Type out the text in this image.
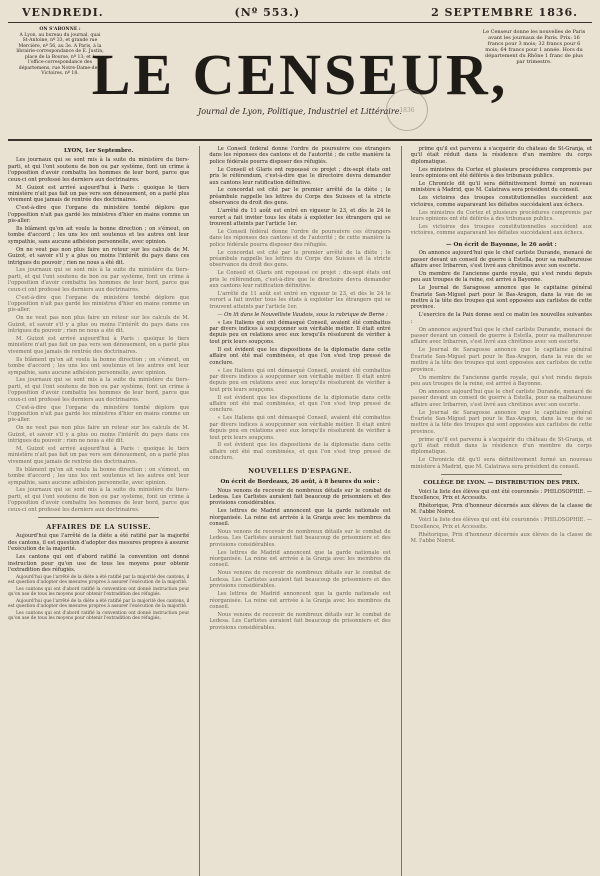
VENDREDI.	(Nº 553.)	2 SEPTEMBRE 1836.
ON S'ABONNE :
A Lyon, au bureau du journal, quai St-Antoine, nº 33, et grande rue Mercière, nº 56, au 3e. A Paris, à la librairie-correspondance de E. Justin, place de la Bourse, nº 13; et à l'office-correspondance des départemens, rue Notre-Dame-des-Victoires, nº 18. LE CENSEUR,
1836
Journal de Lyon, Politique, Industriel et Littéraire.
Le Censeur donne les nouvelles de Paris avant les journaux de Paris. Prix: 16 francs pour 3 mois; 32 francs pour 6 mois; 64 francs pour 1 année. Hors du département du Rhône 1 franc de plus par trimestre.
LYON, 1er Septembre.

Les journaux qui se sont mis à la suite du ministère du tiers-parti, et qui l'ont soutenu de bon ou par système, font un crime à l'opposition d'avoir combattu les hommes de leur bord, parce que ceux-ci ont professé les derniers aux doctrinaires.

M. Guizot est arrivé aujourd'hui à Paris : quoique le tiers ministère n'ait pas fait un pas vers son dénouement, on a parlé plus vivement que jamais de rentrée des doctrinaires.

C'est-à-dire que l'organe du ministère tombé déplore que l'opposition n'ait pas gardé les ministres d'hier en mains comme un pis-aller.

Ils blâment qu'on ait voulu la bonne direction ; on s'émeut, on tombe d'accord ; les uns les ont soutenus et les autres ont leur sympathie, sans aucune adhésion personnelle, avec opinion.

On ne veut pas non plus faire un retour sur les calculs de M. Guizot, et savoir s'il y a plus ou moins l'intérêt du pays dans ces intrigues du pouvoir ; rien ne nous a été dit.

Les journaux qui se sont mis à la suite du ministère du tiers-parti, et qui l'ont soutenu de bon ou par système, font un crime à l'opposition d'avoir combattu les hommes de leur bord, parce que ceux-ci ont professé les derniers aux doctrinaires.

C'est-à-dire que l'organe du ministère tombé déplore que l'opposition n'ait pas gardé les ministres d'hier en mains comme un pis-aller.

On ne veut pas non plus faire un retour sur les calculs de M. Guizot, et savoir s'il y a plus ou moins l'intérêt du pays dans ces intrigues du pouvoir ; rien ne nous a été dit.

M. Guizot est arrivé aujourd'hui à Paris : quoique le tiers ministère n'ait pas fait un pas vers son dénouement, on a parlé plus vivement que jamais de rentrée des doctrinaires.

Ils blâment qu'on ait voulu la bonne direction ; on s'émeut, on tombe d'accord ; les uns les ont soutenus et les autres ont leur sympathie, sans aucune adhésion personnelle, avec opinion.

Les journaux qui se sont mis à la suite du ministère du tiers-parti, et qui l'ont soutenu de bon ou par système, font un crime à l'opposition d'avoir combattu les hommes de leur bord, parce que ceux-ci ont professé les derniers aux doctrinaires.

C'est-à-dire que l'organe du ministère tombé déplore que l'opposition n'ait pas gardé les ministres d'hier en mains comme un pis-aller.

On ne veut pas non plus faire un retour sur les calculs de M. Guizot, et savoir s'il y a plus ou moins l'intérêt du pays dans ces intrigues du pouvoir ; rien ne nous a été dit.

M. Guizot est arrivé aujourd'hui à Paris : quoique le tiers ministère n'ait pas fait un pas vers son dénouement, on a parlé plus vivement que jamais de rentrée des doctrinaires.

Ils blâment qu'on ait voulu la bonne direction ; on s'émeut, on tombe d'accord ; les uns les ont soutenus et les autres ont leur sympathie, sans aucune adhésion personnelle, avec opinion.

Les journaux qui se sont mis à la suite du ministère du tiers-parti, et qui l'ont soutenu de bon ou par système, font un crime à l'opposition d'avoir combattu les hommes de leur bord, parce que ceux-ci ont professé les derniers aux doctrinaires.

AFFAIRES DE LA SUISSE.

Aujourd'hui que l'arrêté de la diète a été ratifié par la majorité des cantons, il est question d'adopter des mesures propres à assurer l'exécution de la majorité.

Les cantons qui ont d'abord ratifié la convention ont donné instruction pour qu'on use de tous les moyens pour obtenir l'extradition des réfugiés.

Aujourd'hui que l'arrêté de la diète a été ratifié par la majorité des cantons, il est question d'adopter des mesures propres à assurer l'exécution de la majorité.

Les cantons qui ont d'abord ratifié la convention ont donné instruction pour qu'on use de tous les moyens pour obtenir l'extradition des réfugiés.

Aujourd'hui que l'arrêté de la diète a été ratifié par la majorité des cantons, il est question d'adopter des mesures propres à assurer l'exécution de la majorité.

Les cantons qui ont d'abord ratifié la convention ont donné instruction pour qu'on use de tous les moyens pour obtenir l'extradition des réfugiés.

Le Conseil fédéral donne l'ordre de poursuivre ces étrangers dans les réponses des cantons et de l'autorité ; de cette manière la police fédérale pourra disposer des réfugiés.

Le Conseil et Glaris ont repoussé ce projet ; dix-sept états ont pris le référendum, c'est-à-dire que le directoire devra demander aux cantons leur ratification définitive.

Le concordat est cité par le premier arrêté de la diète ; le préambule rappelle les lettres du Corps des Suisses et la stricte observance du droit des gens.

L'arrêté du 11 août est entré en vigueur le 23, et dès le 24 le vorort a fait inviter tous les états à exploiter les étrangers qui se trouvent atteints par l'article 1er.

Le Conseil fédéral donne l'ordre de poursuivre ces étrangers dans les réponses des cantons et de l'autorité ; de cette manière la police fédérale pourra disposer des réfugiés.

Le concordat est cité par le premier arrêté de la diète ; le préambule rappelle les lettres du Corps des Suisses et la stricte observance du droit des gens.

Le Conseil et Glaris ont repoussé ce projet ; dix-sept états ont pris le référendum, c'est-à-dire que le directoire devra demander aux cantons leur ratification définitive.

L'arrêté du 11 août est entré en vigueur le 23, et dès le 24 le vorort a fait inviter tous les états à exploiter les étrangers qui se trouvent atteints par l'article 1er.

— On lit dans le Nouvelliste Vaudois, sous la rubrique de Berne :

« Les Italiens qui ont démasqué Conseil, avaient été combattus par divers indices à soupçonner son véritable métier. Il était entré depuis peu en relations avec eux lorsqu'ils résolurent de vérifier à tout prix leurs soupçons.

Il est évident que les dispositions de la diplomatie dans cette affaire ont été mal combinées, et que l'on s'est trop pressé de conclure.

« Les Italiens qui ont démasqué Conseil, avaient été combattus par divers indices à soupçonner son véritable métier. Il était entré depuis peu en relations avec eux lorsqu'ils résolurent de vérifier à tout prix leurs soupçons.

Il est évident que les dispositions de la diplomatie dans cette affaire ont été mal combinées, et que l'on s'est trop pressé de conclure.

« Les Italiens qui ont démasqué Conseil, avaient été combattus par divers indices à soupçonner son véritable métier. Il était entré depuis peu en relations avec eux lorsqu'ils résolurent de vérifier à tout prix leurs soupçons.

Il est évident que les dispositions de la diplomatie dans cette affaire ont été mal combinées, et que l'on s'est trop pressé de conclure.

NOUVELLES D'ESPAGNE.
On écrit de Bordeaux, 26 août, à 8 heures du soir :

Nous venons de recevoir de nombreux détails sur le combat de Ledesa. Les Carlistes auraient fait beaucoup de prisonniers et des provisions considérables.

Les lettres de Madrid annoncent que la garde nationale est réorganisée. La reine est arrivée à la Granja avec les membres du conseil.

Nous venons de recevoir de nombreux détails sur le combat de Ledesa. Les Carlistes auraient fait beaucoup de prisonniers et des provisions considérables.

Les lettres de Madrid annoncent que la garde nationale est réorganisée. La reine est arrivée à la Granja avec les membres du conseil.

Nous venons de recevoir de nombreux détails sur le combat de Ledesa. Les Carlistes auraient fait beaucoup de prisonniers et des provisions considérables.

Les lettres de Madrid annoncent que la garde nationale est réorganisée. La reine est arrivée à la Granja avec les membres du conseil.

Nous venons de recevoir de nombreux détails sur le combat de Ledesa. Les Carlistes auraient fait beaucoup de prisonniers et des provisions considérables.

prime qu'il est parvenu à s'acquérir du château de St-Granja, et qu'il était réduit dans la résidence d'un membre du corps diplomatique.

Les ministres du Cortez et plusieurs procédures compromis par leurs opinions ont été déférés à des tribunaux publics.

Le Chronicle dit qu'il sera définitivement formé un nouveau ministère à Madrid, que M. Calatrava sera président du conseil.

Les victoires des troupes constitutionnelles succèdent aux victoires, comme auparavant les défaites succédaient aux échecs.

Les ministres du Cortez et plusieurs procédures compromis par leurs opinions ont été déférés à des tribunaux publics.

Les victoires des troupes constitutionnelles succèdent aux victoires, comme auparavant les défaites succédaient aux échecs.

— On écrit de Bayonne, le 26 août :

On annonce aujourd'hui que le chef carliste Durande, menacé de passer devant un conseil de guerre à Estella, pour sa malheureuse affaire avec Iribarren, s'est livré aux chrétinos avec son escorte.

Un membre de l'ancienne garde royale, qui s'est rendu depuis peu aux troupes de la reine, est arrivé à Bayonne.

Le Journal de Saragosse annonce que le capitaine général Évariste San-Miguel part pour le Bas-Aragon, dans la vue de se mettre à la tête des troupes qui sont opposées aux carlistes de cette province.

L'exercice de la Paix donne seul ce matin les nouvelles suivantes :

On annonce aujourd'hui que le chef carliste Durande, menacé de passer devant un conseil de guerre à Estella, pour sa malheureuse affaire avec Iribarren, s'est livré aux chrétinos avec son escorte.

Le Journal de Saragosse annonce que le capitaine général Évariste San-Miguel part pour le Bas-Aragon, dans la vue de se mettre à la tête des troupes qui sont opposées aux carlistes de cette province.

Un membre de l'ancienne garde royale, qui s'est rendu depuis peu aux troupes de la reine, est arrivé à Bayonne.

On annonce aujourd'hui que le chef carliste Durande, menacé de passer devant un conseil de guerre à Estella, pour sa malheureuse affaire avec Iribarren, s'est livré aux chrétinos avec son escorte.

Le Journal de Saragosse annonce que le capitaine général Évariste San-Miguel part pour le Bas-Aragon, dans la vue de se mettre à la tête des troupes qui sont opposées aux carlistes de cette province.

prime qu'il est parvenu à s'acquérir du château de St-Granja, et qu'il était réduit dans la résidence d'un membre du corps diplomatique.

Le Chronicle dit qu'il sera définitivement formé un nouveau ministère à Madrid, que M. Calatrava sera président du conseil.

COLLÈGE DE LYON. — DISTRIBUTION DES PRIX.

Voici la liste des élèves qui ont été couronnés : PHILOSOPHIE. — Excellence, Prix et Accessits.

Rhétorique, Prix d'honneur décernés aux élèves de la classe de M. l'abbé Noirot.

Voici la liste des élèves qui ont été couronnés : PHILOSOPHIE. — Excellence, Prix et Accessits.

Rhétorique, Prix d'honneur décernés aux élèves de la classe de M. l'abbé Noirot.
